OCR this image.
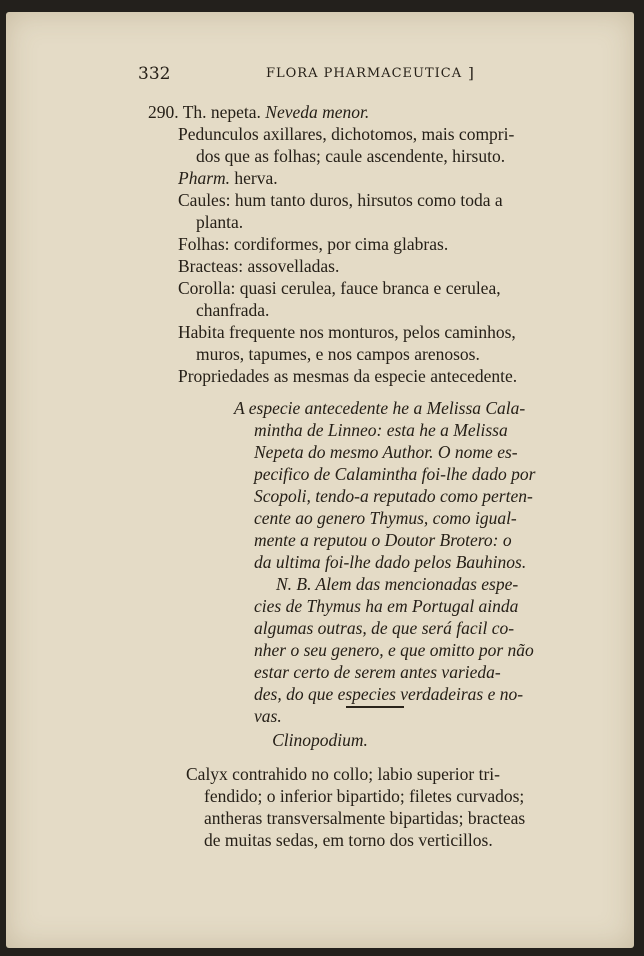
332	FLORA PHARMACEUTICA ]
290. Th. nepeta. Neveda menor.
Pedunculos axillares, dichotomos, mais compri-
dos que as folhas; caule ascendente, hirsuto.
Pharm. herva.
Caules: hum tanto duros, hirsutos como toda a
planta.
Folhas: cordiformes, por cima glabras.
Bracteas: assovelladas.
Corolla: quasi cerulea, fauce branca e cerulea,
chanfrada.
Habita frequente nos monturos, pelos caminhos,
muros, tapumes, e nos campos arenosos.
Propriedades as mesmas da especie antecedente.
A especie antecedente he a Melissa Cala-
mintha de Linneo: esta he a Melissa
Nepeta do mesmo Author. O nome es-
pecifico de Calamintha foi-lhe dado por
Scopoli, tendo-a reputado como perten-
cente ao genero Thymus, como igual-
mente a reputou o Doutor Brotero: o
da ultima foi-lhe dado pelos Bauhinos.
N. B. Alem das mencionadas espe-
cies de Thymus ha em Portugal ainda
algumas outras, de que será facil co-
nher o seu genero, e que omitto por não
estar certo de serem antes varieda-
des, do que especies verdadeiras e no-
vas.
Clinopodium.
Calyx contrahido no collo; labio superior tri-
fendido; o inferior bipartido; filetes curvados;
antheras transversalmente bipartidas; bracteas
de muitas sedas, em torno dos verticillos.
